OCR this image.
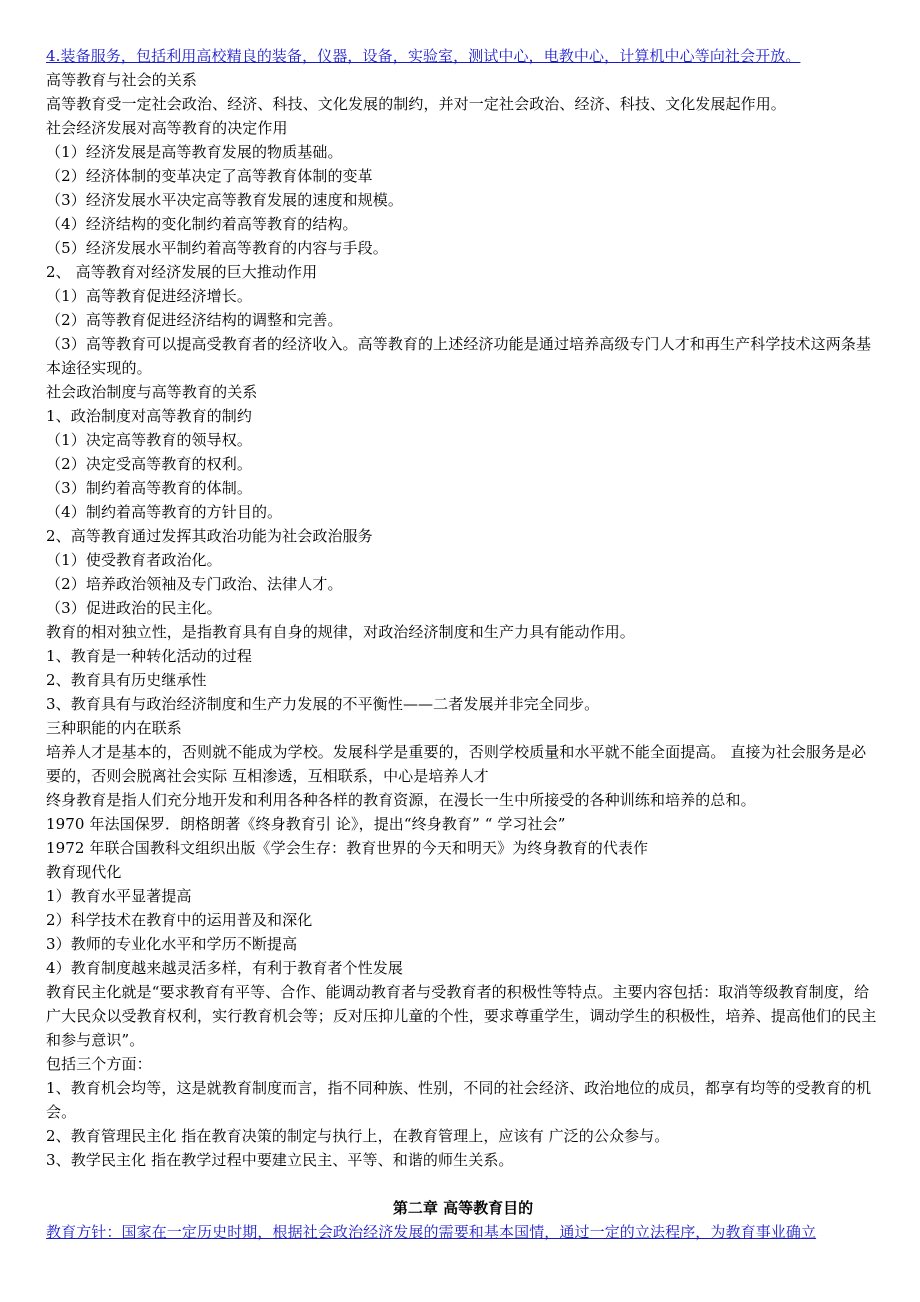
4.装备服务，包括利用高校精良的装备，仪器，设备，实验室，测试中心，电教中心，计算机中心等向社会开放。
高等教育与社会的关系
高等教育受一定社会政治、经济、科技、文化发展的制约，并对一定社会政治、经济、科技、文化发展起作用。
社会经济发展对高等教育的决定作用
（1）经济发展是高等教育发展的物质基础。
（2）经济体制的变革决定了高等教育体制的变革
（3）经济发展水平决定高等教育发展的速度和规模。
（4）经济结构的变化制约着高等教育的结构。
（5）经济发展水平制约着高等教育的内容与手段。
2、 高等教育对经济发展的巨大推动作用
（1）高等教育促进经济增长。
（2）高等教育促进经济结构的调整和完善。
（3）高等教育可以提高受教育者的经济收入。高等教育的上述经济功能是通过培养高级专门人才和再生产科学技术这两条基本途径实现的。
社会政治制度与高等教育的关系
1、政治制度对高等教育的制约
（1）决定高等教育的领导权。
（2）决定受高等教育的权利。
（3）制约着高等教育的体制。
（4）制约着高等教育的方针目的。
2、高等教育通过发挥其政治功能为社会政治服务
（1）使受教育者政治化。
（2）培养政治领袖及专门政治、法律人才。
（3）促进政治的民主化。
教育的相对独立性，是指教育具有自身的规律，对政治经济制度和生产力具有能动作用。
1、教育是一种转化活动的过程
2、教育具有历史继承性
3、教育具有与政治经济制度和生产力发展的不平衡性——二者发展并非完全同步。
三种职能的内在联系
培养人才是基本的，否则就不能成为学校。发展科学是重要的，否则学校质量和水平就不能全面提高。 直接为社会服务是必要的，否则会脱离社会实际 互相渗透，互相联系，中心是培养人才
终身教育是指人们充分地开发和利用各种各样的教育资源，在漫长一生中所接受的各种训练和培养的总和。
1970 年法国保罗．朗格朗著《终身教育引 论》，提出“终身教育” “ 学习社会”
1972 年联合国教科文组织出版《学会生存：教育世界的今天和明天》为终身教育的代表作
教育现代化
1）教育水平显著提高
2）科学技术在教育中的运用普及和深化
3）教师的专业化水平和学历不断提高
4）教育制度越来越灵活多样，有利于教育者个性发展
教育民主化就是“要求教育有平等、合作、能调动教育者与受教育者的积极性等特点。主要内容包括：取消等级教育制度，给广大民众以受教育权利，实行教育机会等；反对压抑儿童的个性，要求尊重学生，调动学生的积极性，培养、提高他们的民主和参与意识”。
包括三个方面：
1、教育机会均等，这是就教育制度而言，指不同种族、性别，不同的社会经济、政治地位的成员，都享有均等的受教育的机会。
2、教育管理民主化 指在教育决策的制定与执行上，在教育管理上，应该有 广泛的公众参与。
3、教学民主化 指在教学过程中要建立民主、平等、和谐的师生关系。
第二章 高等教育目的
教育方针：国家在一定历史时期，根据社会政治经济发展的需要和基本国情，通过一定的立法程序，为教育事业确立
